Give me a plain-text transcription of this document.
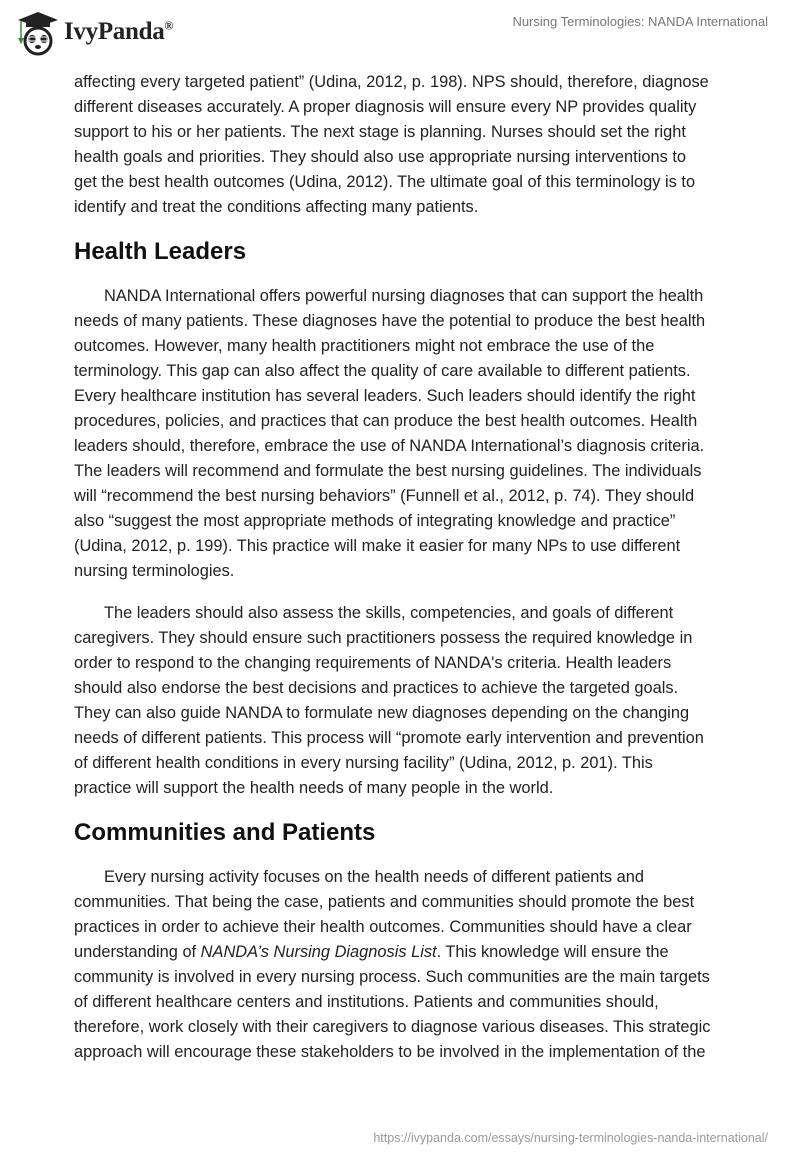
IvyPanda®	Nursing Terminologies: NANDA International
affecting every targeted patient” (Udina, 2012, p. 198). NPS should, therefore, diagnose
different diseases accurately. A proper diagnosis will ensure every NP provides quality
support to his or her patients. The next stage is planning. Nurses should set the right
health goals and priorities. They should also use appropriate nursing interventions to
get the best health outcomes (Udina, 2012). The ultimate goal of this terminology is to
identify and treat the conditions affecting many patients.
Health Leaders
NANDA International offers powerful nursing diagnoses that can support the health
needs of many patients. These diagnoses have the potential to produce the best health
outcomes. However, many health practitioners might not embrace the use of the
terminology. This gap can also affect the quality of care available to different patients.
Every healthcare institution has several leaders. Such leaders should identify the right
procedures, policies, and practices that can produce the best health outcomes. Health
leaders should, therefore, embrace the use of NANDA International’s diagnosis criteria.
The leaders will recommend and formulate the best nursing guidelines. The individuals
will “recommend the best nursing behaviors” (Funnell et al., 2012, p. 74). They should
also “suggest the most appropriate methods of integrating knowledge and practice”
(Udina, 2012, p. 199). This practice will make it easier for many NPs to use different
nursing terminologies.
The leaders should also assess the skills, competencies, and goals of different
caregivers. They should ensure such practitioners possess the required knowledge in
order to respond to the changing requirements of NANDA's criteria. Health leaders
should also endorse the best decisions and practices to achieve the targeted goals.
They can also guide NANDA to formulate new diagnoses depending on the changing
needs of different patients. This process will “promote early intervention and prevention
of different health conditions in every nursing facility” (Udina, 2012, p. 201). This
practice will support the health needs of many people in the world.
Communities and Patients
Every nursing activity focuses on the health needs of different patients and
communities. That being the case, patients and communities should promote the best
practices in order to achieve their health outcomes. Communities should have a clear
understanding of NANDA’s Nursing Diagnosis List. This knowledge will ensure the
community is involved in every nursing process. Such communities are the main targets
of different healthcare centers and institutions. Patients and communities should,
therefore, work closely with their caregivers to diagnose various diseases. This strategic
approach will encourage these stakeholders to be involved in the implementation of the
https://ivypanda.com/essays/nursing-terminologies-nanda-international/
